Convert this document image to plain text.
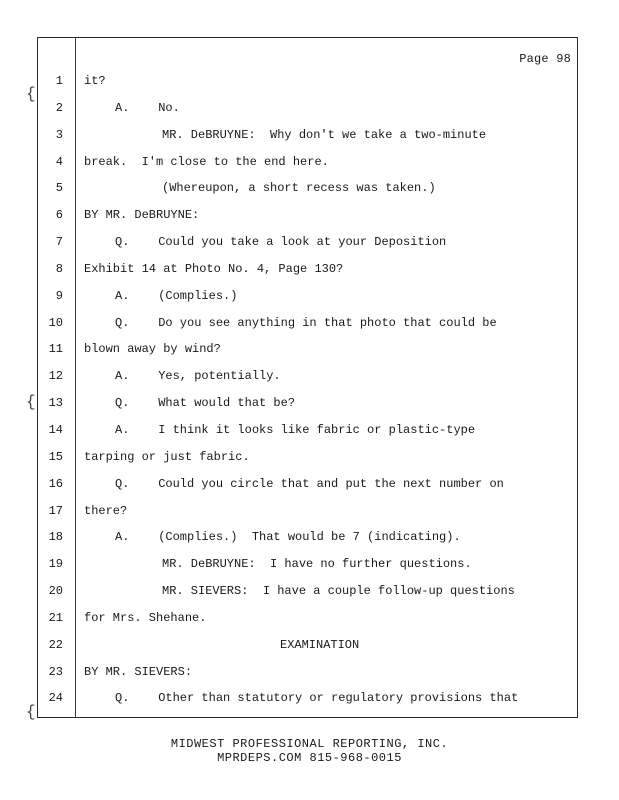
{
{
{
Page 98
1 it?
2	A.    No.
3	MR. DeBRUYNE:  Why don't we take a two-minute
4 break.  I'm close to the end here.
5	(Whereupon, a short recess was taken.)
6 BY MR. DeBRUYNE:
7	Q.    Could you take a look at your Deposition
8 Exhibit 14 at Photo No. 4, Page 130?
9	A.    (Complies.)
10	Q.    Do you see anything in that photo that could be
11 blown away by wind?
12	A.    Yes, potentially.
13	Q.    What would that be?
14	A.    I think it looks like fabric or plastic-type
15 tarping or just fabric.
16	Q.    Could you circle that and put the next number on
17 there?
18	A.    (Complies.)  That would be 7 (indicating).
19	MR. DeBRUYNE:  I have no further questions.
20	MR. SIEVERS:  I have a couple follow-up questions
21 for Mrs. Shehane.
22	EXAMINATION
23 BY MR. SIEVERS:
24	Q.    Other than statutory or regulatory provisions that
MIDWEST PROFESSIONAL REPORTING, INC.
MPRDEPS.COM 815-968-0015
